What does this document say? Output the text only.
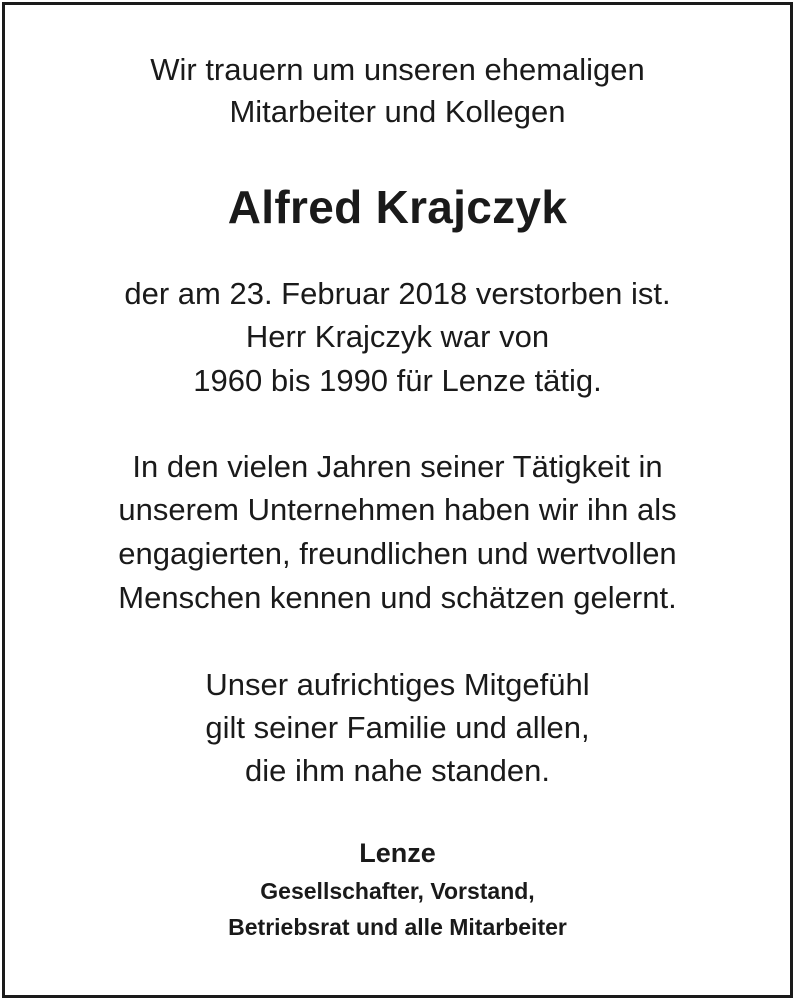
Wir trauern um unseren ehemaligen
Mitarbeiter und Kollegen
Alfred Krajczyk
der am 23. Februar 2018 verstorben ist.
Herr Krajczyk war von
1960 bis 1990 für Lenze tätig.
In den vielen Jahren seiner Tätigkeit in
unserem Unternehmen haben wir ihn als
engagierten, freundlichen und wertvollen
Menschen kennen und schätzen gelernt.
Unser aufrichtiges Mitgefühl
gilt seiner Familie und allen,
die ihm nahe standen.
Lenze
Gesellschafter, Vorstand,
Betriebsrat und alle Mitarbeiter
